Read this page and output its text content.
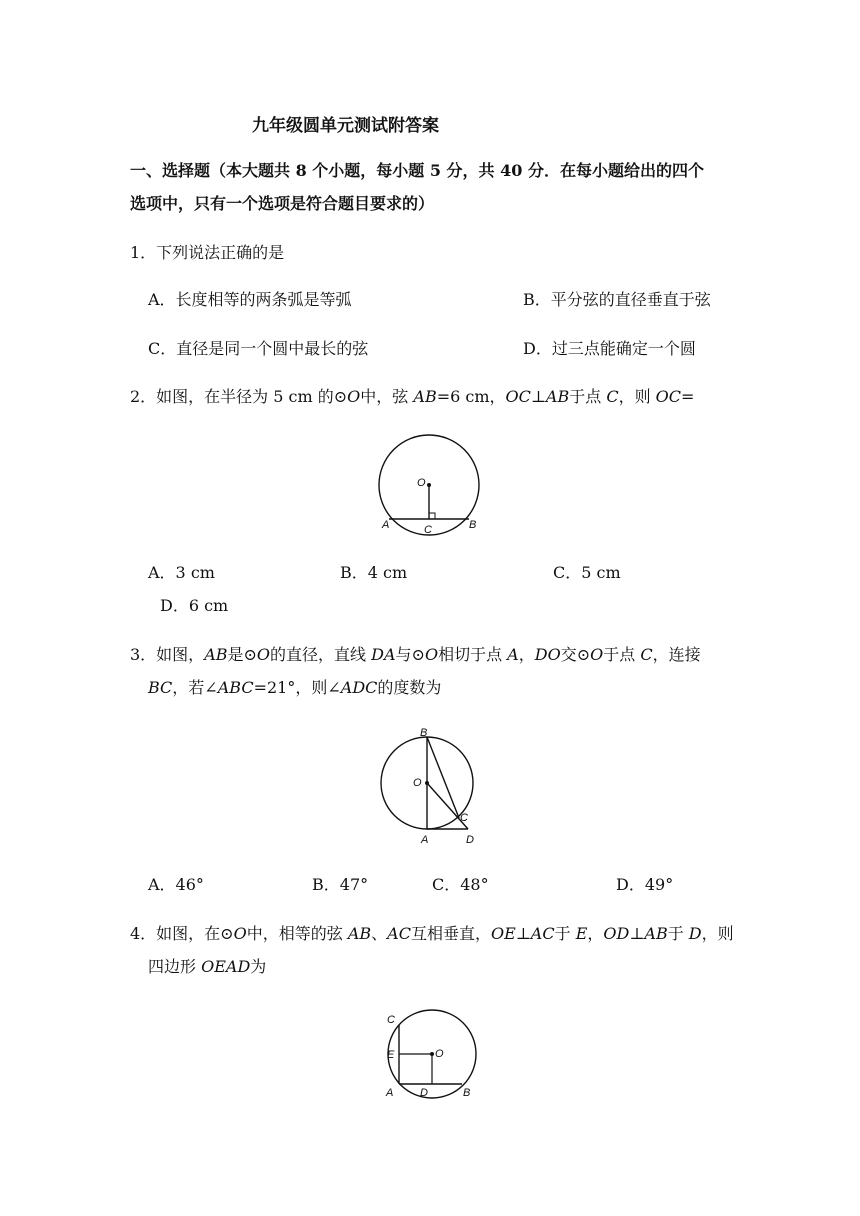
九年级圆单元测试附答案
一、选择题（本大题共 8 个小题，每小题 5 分，共 40 分．在每小题给出的四个
选项中，只有一个选项是符合题目要求的）
1．下列说法正确的是
A．长度相等的两条弧是等弧	B．平分弦的直径垂直于弦
C．直径是同一个圆中最长的弦	D．过三点能确定一个圆
2．如图，在半径为 5 cm 的⊙O中，弦 AB=6 cm，OC⊥AB于点 C，则 OC=
O
A	C	B
A．3 cm	B．4 cm	C．5 cm
D．6 cm
3．如图，AB是⊙O的直径，直线 DA与⊙O相切于点 A，DO交⊙O于点 C，连接
BC，若∠ABC=21°，则∠ADC的度数为
B
O
C
A	D
A．46°	B．47°	C．48°	D．49°
4．如图，在⊙O中，相等的弦 AB、AC互相垂直，OE⊥AC于 E，OD⊥AB于 D，则
四边形 OEAD为
C
E	O
A D	B
